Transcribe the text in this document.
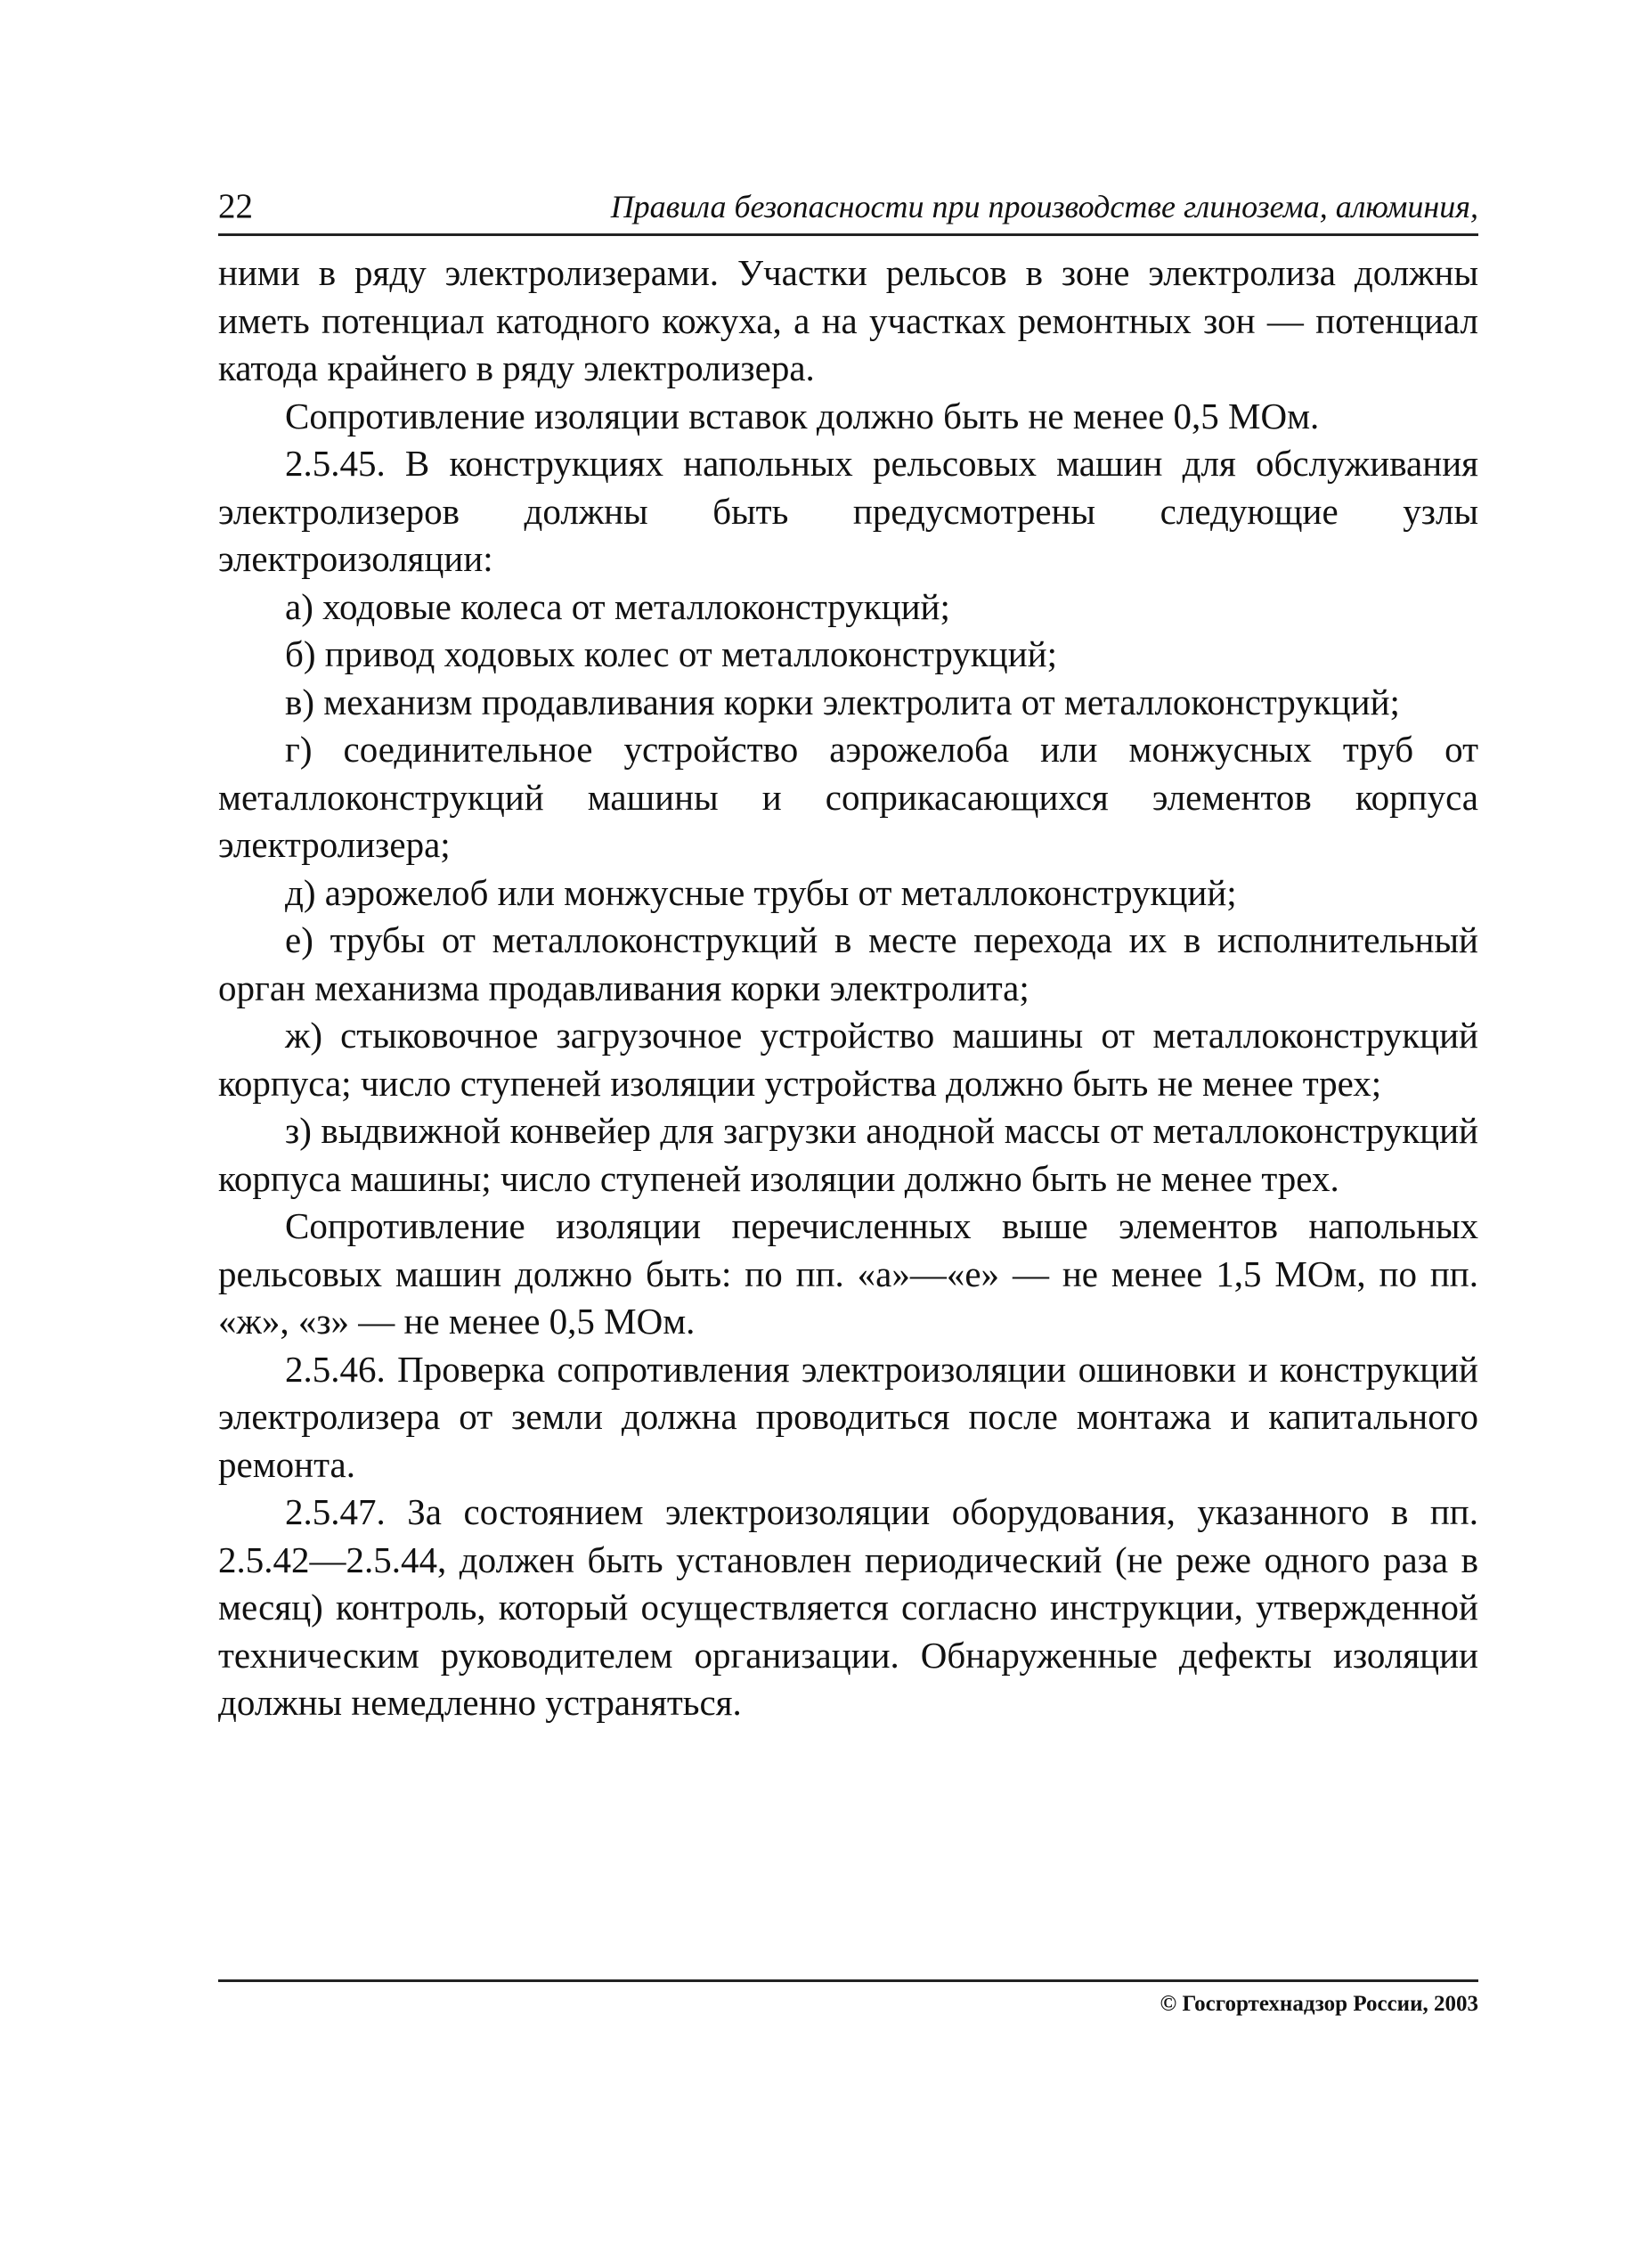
22	Правила безопасности при производстве глинозема, алюминия,

ними в ряду электролизерами. Участки рельсов в зоне электролиза должны иметь потенциал катодного кожуха, а на участках ремонтных зон — потенциал катода крайнего в ряду электролизера.

Сопротивление изоляции вставок должно быть не менее 0,5 МОм.

2.5.45. В конструкциях напольных рельсовых машин для обслуживания электролизеров должны быть предусмотрены следующие узлы электроизоляции:

а) ходовые колеса от металлоконструкций;

б) привод ходовых колес от металлоконструкций;

в) механизм продавливания корки электролита от металлоконструкций;

г) соединительное устройство аэрожелоба или монжусных труб от металлоконструкций машины и соприкасающихся элементов корпуса электролизера;

д) аэрожелоб или монжусные трубы от металлоконструкций;

е) трубы от металлоконструкций в месте перехода их в исполнительный орган механизма продавливания корки электролита;

ж) стыковочное загрузочное устройство машины от металлоконструкций корпуса; число ступеней изоляции устройства должно быть не менее трех;

з) выдвижной конвейер для загрузки анодной массы от металлоконструкций корпуса машины; число ступеней изоляции должно быть не менее трех.

Сопротивление изоляции перечисленных выше элементов напольных рельсовых машин должно быть: по пп. «а»—«е» — не менее 1,5 МОм, по пп. «ж», «з» — не менее 0,5 МОм.

2.5.46. Проверка сопротивления электроизоляции ошиновки и конструкций электролизера от земли должна проводиться после монтажа и капитального ремонта.

2.5.47. За состоянием электроизоляции оборудования, указанного в пп. 2.5.42—2.5.44, должен быть установлен периодический (не реже одного раза в месяц) контроль, который осуществляется согласно инструкции, утвержденной техническим руководителем организации. Обнаруженные дефекты изоляции должны немедленно устраняться.

© Госгортехнадзор России, 2003
